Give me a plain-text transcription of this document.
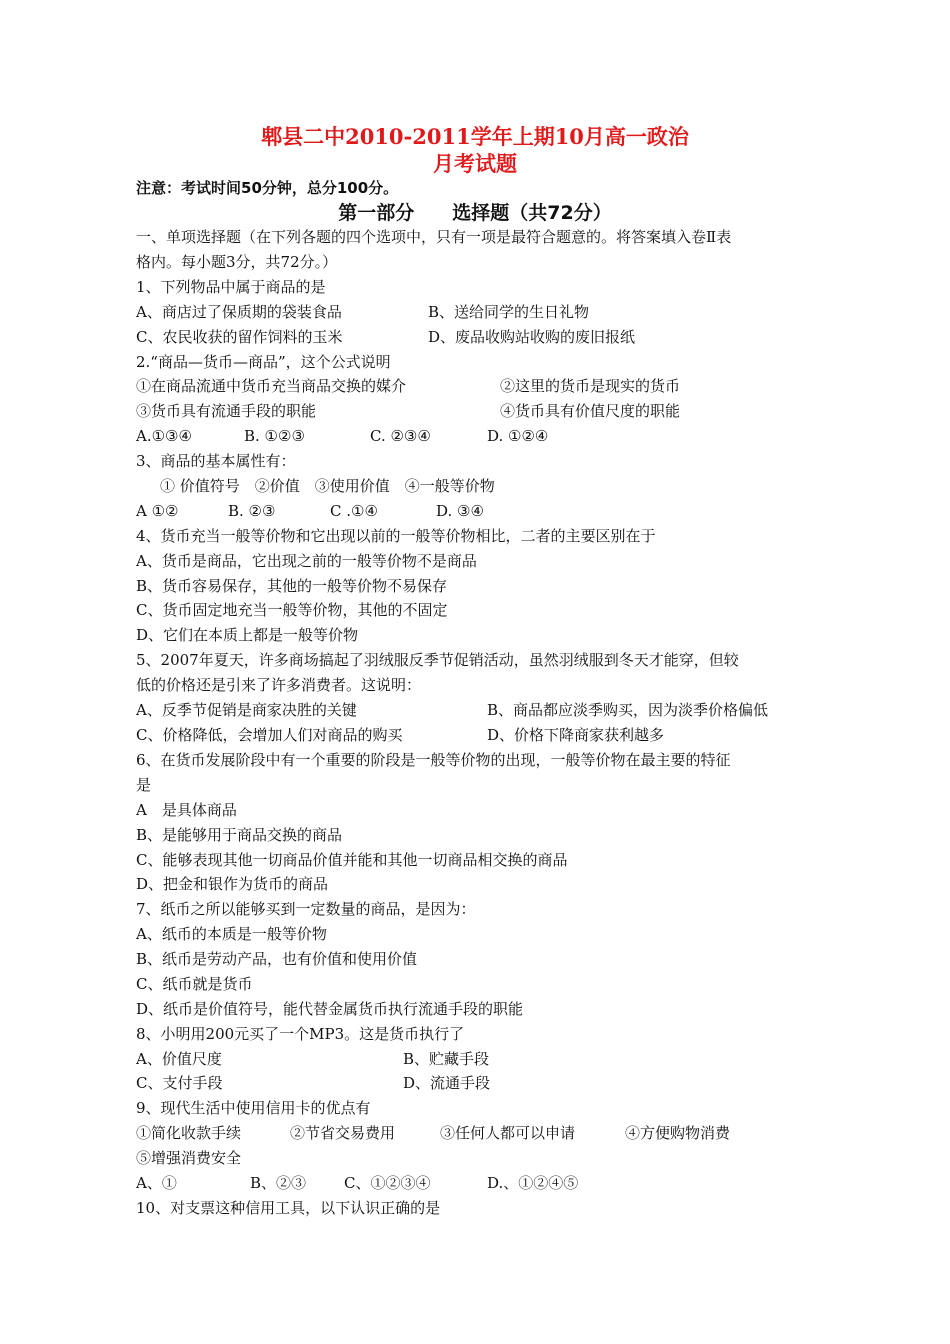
郫县二中2010-2011学年上期10月高一政治
月考试题
注意：考试时间50分钟，总分100分。
第一部分　　选择题（共72分）
一、单项选择题（在下列各题的四个选项中，只有一项是最符合题意的。将答案填入卷Ⅱ表
格内。每小题3分，共72分。）
1、下列物品中属于商品的是
A、商店过了保质期的袋装食品	B、送给同学的生日礼物
C、农民收获的留作饲料的玉米	D、废品收购站收购的废旧报纸
2.“商品—货币—商品”，这个公式说明
①在商品流通中货币充当商品交换的媒介	②这里的货币是现实的货币
③货币具有流通手段的职能	④货币具有价值尺度的职能
A.①③④	B. ①②③	C. ②③④	D. ①②④
3、商品的基本属性有：
① 价值符号　②价值　③使用价值　④一般等价物
A ①②	B. ②③	C .①④	D. ③④
4、货币充当一般等价物和它出现以前的一般等价物相比，二者的主要区别在于
A、货币是商品，它出现之前的一般等价物不是商品
B、货币容易保存，其他的一般等价物不易保存
C、货币固定地充当一般等价物，其他的不固定
D、它们在本质上都是一般等价物
5、2007年夏天，许多商场搞起了羽绒服反季节促销活动，虽然羽绒服到冬天才能穿，但较
低的价格还是引来了许多消费者。这说明：
A、反季节促销是商家决胜的关键	B、商品都应淡季购买，因为淡季价格偏低
C、价格降低，会增加人们对商品的购买	D、价格下降商家获利越多
6、在货币发展阶段中有一个重要的阶段是一般等价物的出现，一般等价物在最主要的特征
是
A　是具体商品
B、是能够用于商品交换的商品
C、能够表现其他一切商品价值并能和其他一切商品相交换的商品
D、把金和银作为货币的商品
7、纸币之所以能够买到一定数量的商品，是因为：
A、纸币的本质是一般等价物
B、纸币是劳动产品，也有价值和使用价值
C、纸币就是货币
D、纸币是价值符号，能代替金属货币执行流通手段的职能
8、小明用200元买了一个MP3。这是货币执行了
A、价值尺度	B、贮藏手段
C、支付手段	D、流通手段
9、现代生活中使用信用卡的优点有
①简化收款手续	②节省交易费用	③任何人都可以申请	④方便购物消费
⑤增强消费安全
A、①	B、②③	C、①②③④	D.、①②④⑤
10、对支票这种信用工具，以下认识正确的是
